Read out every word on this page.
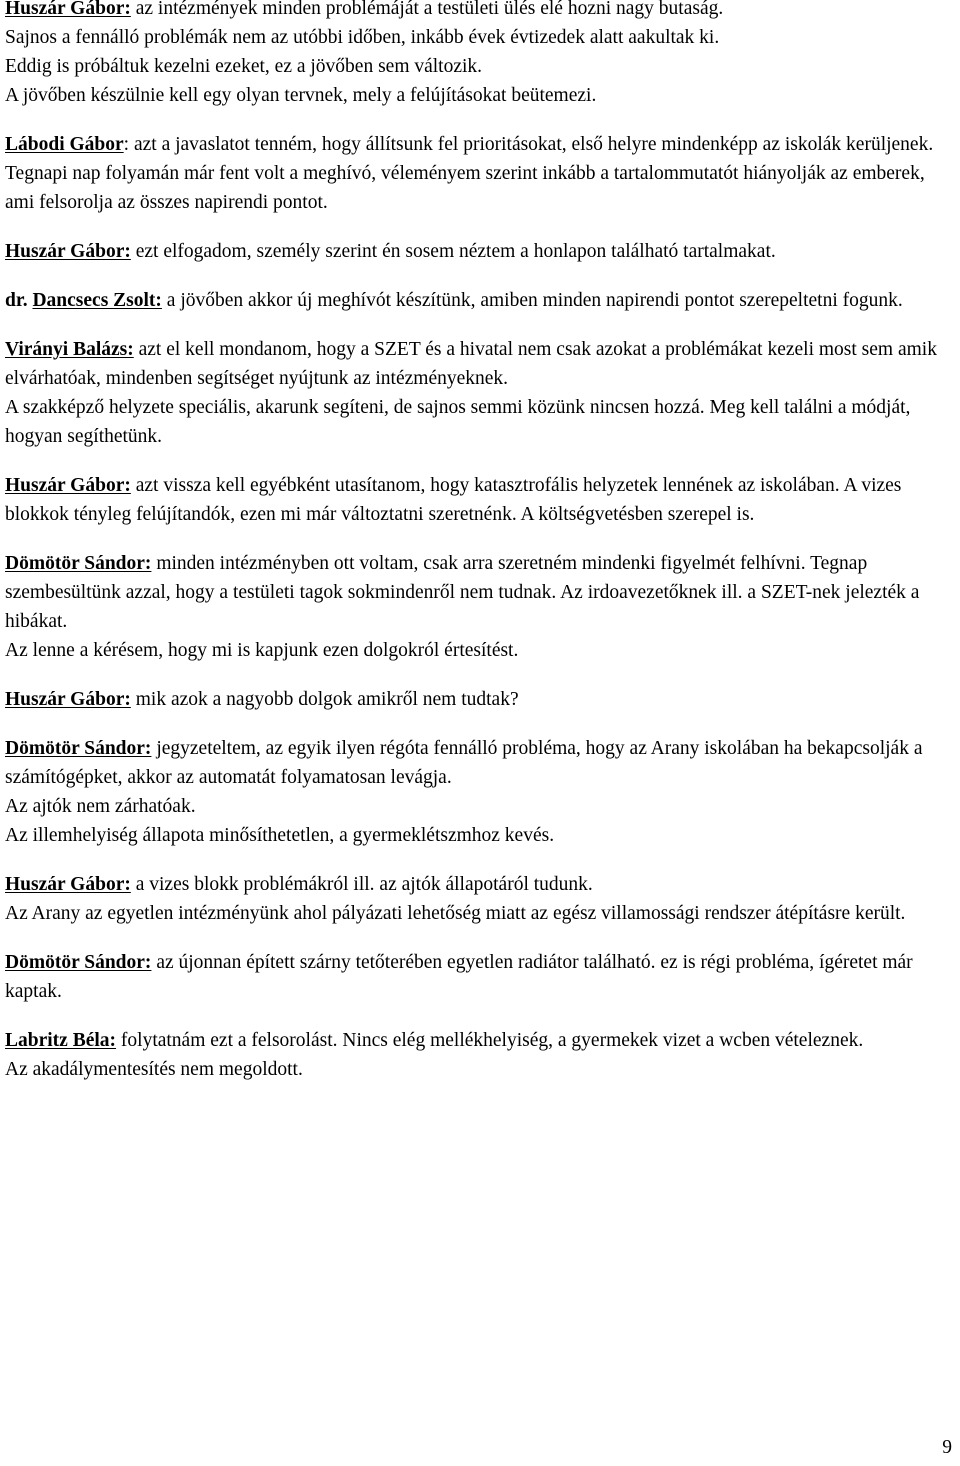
Huszár Gábor: az intézmények minden problémáját a testületi ülés elé hozni nagy butaság.

Sajnos a fennálló problémák nem az utóbbi időben, inkább évek évtizedek alatt aakultak ki.

Eddig is próbáltuk kezelni ezeket, ez a jövőben sem változik.

A jövőben készülnie kell egy olyan tervnek, mely a felújításokat beütemezi.

Lábodi Gábor: azt a javaslatot tenném, hogy állítsunk fel prioritásokat, első helyre mindenképp az iskolák kerüljenek.

Tegnapi nap folyamán már fent volt a meghívó, véleményem szerint inkább a tartalommutatót hiányolják az emberek, ami felsorolja az összes napirendi pontot.

Huszár Gábor: ezt elfogadom, személy szerint én sosem néztem a honlapon található tartalmakat.

dr. Dancsecs Zsolt: a jövőben akkor új meghívót készítünk, amiben minden napirendi pontot szerepeltetni fogunk.

Virányi Balázs: azt el kell mondanom, hogy a SZET és a hivatal nem csak azokat a problémákat kezeli most sem amik elvárhatóak, mindenben segítséget nyújtunk az intézményeknek.

A szakképző helyzete speciális, akarunk segíteni, de sajnos semmi közünk nincsen hozzá. Meg kell találni a módját, hogyan segíthetünk.

Huszár Gábor: azt vissza kell egyébként utasítanom, hogy katasztrofális helyzetek lennének az iskolában. A vizes blokkok tényleg felújítandók, ezen mi már változtatni szeretnénk. A költségvetésben szerepel is.

Dömötör Sándor: minden intézményben ott voltam, csak arra szeretném mindenki figyelmét felhívni. Tegnap szembesültünk azzal, hogy a testületi tagok sokmindenről nem tudnak. Az irdoavezetőknek ill. a SZET-nek jelezték a hibákat.

Az lenne a kérésem, hogy mi is kapjunk ezen dolgokról értesítést.

Huszár Gábor: mik azok a nagyobb dolgok amikről nem tudtak?

Dömötör Sándor: jegyzeteltem, az egyik ilyen régóta fennálló probléma, hogy az Arany iskolában ha bekapcsolják a számítógépket, akkor az automatát folyamatosan levágja.

Az ajtók nem zárhatóak.

Az illemhelyiség állapota minősíthetetlen, a gyermeklétszmhoz kevés.

Huszár Gábor: a vizes blokk problémákról ill. az ajtók állapotáról tudunk.

Az Arany az egyetlen intézményünk ahol pályázati lehetőség miatt az egész villamossági rendszer átépításre került.

Dömötör Sándor: az újonnan épített szárny tetőterében egyetlen radiátor található. ez is régi probléma, ígéretet már kaptak.

Labritz Béla: folytatnám ezt a felsorolást. Nincs elég mellékhelyiség, a gyermekek vizet a wcben vételeznek.

Az akadálymentesítés nem megoldott.

9
